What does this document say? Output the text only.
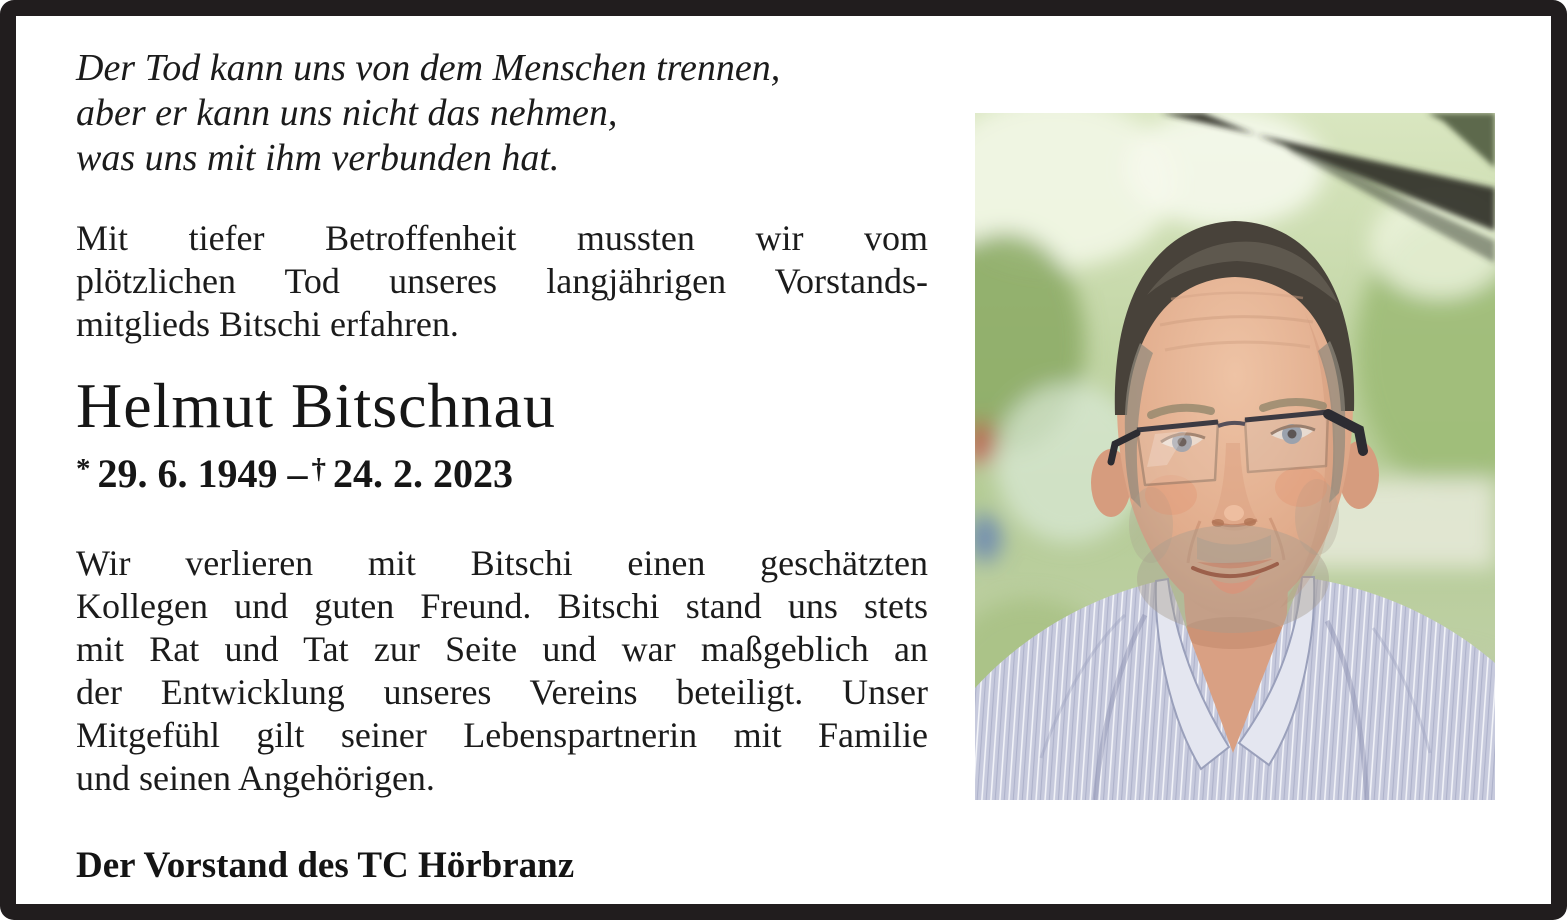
Der Tod kann uns von dem Menschen trennen,
aber er kann uns nicht das nehmen,
was uns mit ihm verbunden hat.
Mit tiefer Betroffenheit mussten wir vom
plötzlichen Tod unseres langjährigen Vorstands-
mitglieds Bitschi erfahren.
Helmut Bitschnau
* 29. 6. 1949 – † 24. 2. 2023
Wir verlieren mit Bitschi einen geschätzten
Kollegen und guten Freund. Bitschi stand uns stets
mit Rat und Tat zur Seite und war maßgeblich an
der Entwicklung unseres Vereins beteiligt. Unser
Mitgefühl gilt seiner Lebenspartnerin mit Familie
und seinen Angehörigen.
Der Vorstand des TC Hörbranz
